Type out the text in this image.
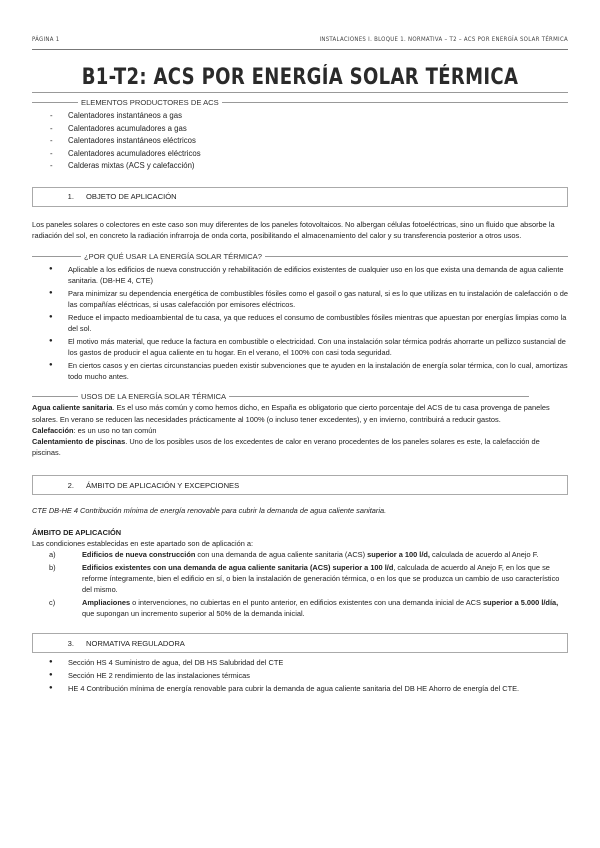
PÁGINA 1	INSTALACIONES I. BLOQUE 1. NORMATIVA – T2 – ACS POR ENERGÍA SOLAR TÉRMICA
B1-T2: ACS POR ENERGÍA SOLAR TÉRMICA
ELEMENTOS PRODUCTORES DE ACS
- Calentadores instantáneos a gas
- Calentadores acumuladores a gas
- Calentadores instantáneos eléctricos
- Calentadores acumuladores eléctricos
- Calderas mixtas (ACS y calefacción)
1. OBJETO DE APLICACIÓN

Los paneles solares o colectores en este caso son muy diferentes de los paneles fotovoltaicos. No albergan células fotoeléctricas, sino un fluido que absorbe la radiación del sol, en concreto la radiación infrarroja de onda corta, posibilitando el almacenamiento del calor y su transferencia posterior a otros usos.

¿POR QUÉ USAR LA ENERGÍA SOLAR TÉRMICA?
● Aplicable a los edificios de nueva construcción y rehabilitación de edificios existentes de cualquier uso en los que exista una demanda de agua caliente sanitaria. (DB-HE 4, CTE)
● Para minimizar su dependencia energética de combustibles fósiles como el gasoil o gas natural, si es lo que utilizas en tu instalación de calefacción o de las compañías eléctricas, si usas calefacción por emisores eléctricos.
● Reduce el impacto medioambiental de tu casa, ya que reduces el consumo de combustibles fósiles mientras que apuestan por energías limpias como la del sol.
● El motivo más material, que reduce la factura en combustible o electricidad. Con una instalación solar térmica podrás ahorrarte un pellizco sustancial de los gastos de producir el agua caliente en tu hogar. En el verano, el 100% con casi toda seguridad.
● En ciertos casos y en ciertas circunstancias pueden existir subvenciones que te ayuden en la instalación de energía solar térmica, con lo cual, amortizas todo mucho antes.
USOS DE LA ENERGÍA SOLAR TÉRMICA

Agua caliente sanitaria. Es el uso más común y como hemos dicho, en España es obligatorio que cierto porcentaje del ACS de tu casa provenga de paneles solares. En verano se reducen las necesidades prácticamente al 100% (o incluso tener excedentes), y en invierno, contribuirá a reducir gastos.

Calefacción: es un uso no tan común

Calentamiento de piscinas. Uno de los posibles usos de los excedentes de calor en verano procedentes de los paneles solares es este, la calefacción de piscinas.

2. ÁMBITO DE APLICACIÓN Y EXCEPCIONES

CTE DB-HE 4 Contribución mínima de energía renovable para cubrir la demanda de agua caliente sanitaria.

ÁMBITO DE APLICACIÓN

Las condiciones establecidas en este apartado son de aplicación a:

a)	Edificios de nueva construcción con una demanda de agua caliente sanitaria (ACS) superior a 100 l/d, calculada de acuerdo al Anejo F.
b)	Edificios existentes con una demanda de agua caliente sanitaria (ACS) superior a 100 l/d, calculada de acuerdo al Anejo F, en los que se reforme íntegramente, bien el edificio en sí, o bien la instalación de generación térmica, o en los que se produzca un cambio de uso característico del mismo.
c)	Ampliaciones o intervenciones, no cubiertas en el punto anterior, en edificios existentes con una demanda inicial de ACS superior a 5.000 l/día, que supongan un incremento superior al 50% de la demanda inicial.
3. NORMATIVA REGULADORA
● Sección HS 4 Suministro de agua, del DB HS Salubridad del CTE
● Sección HE 2 rendimiento de las instalaciones térmicas
● HE 4 Contribución mínima de energía renovable para cubrir la demanda de agua caliente sanitaria del DB HE Ahorro de energía del CTE.
